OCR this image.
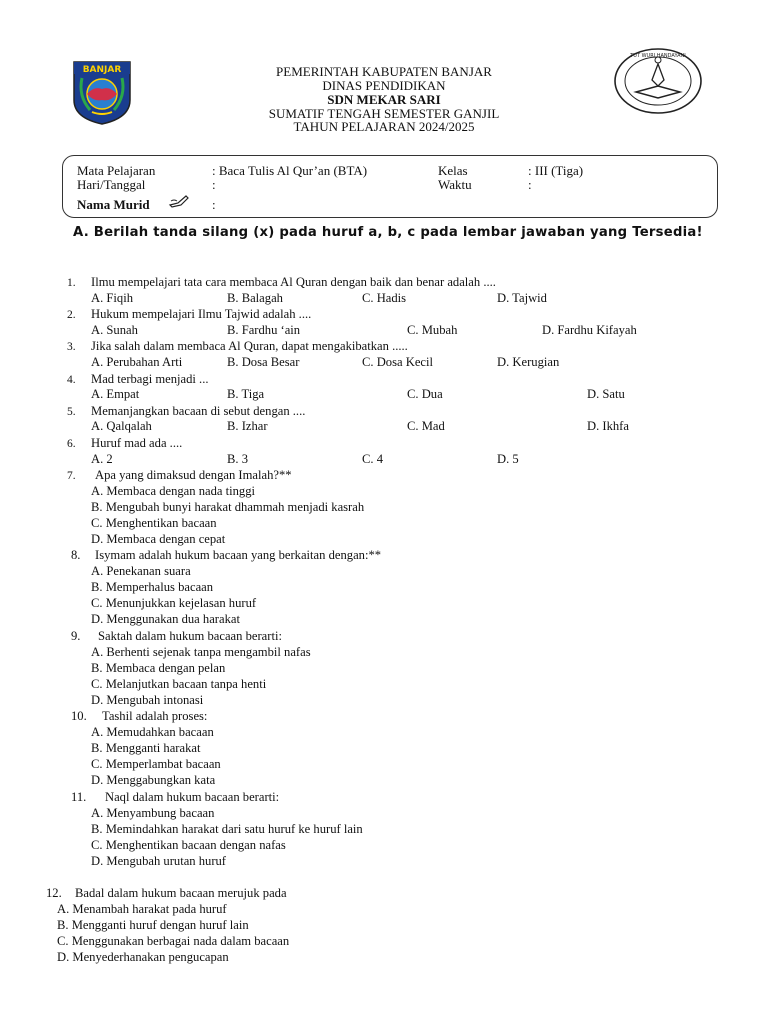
BANJAR
TUT WURI HANDAYANI
PEMERINTAH KABUPATEN BANJAR
DINAS PENDIDIKAN
SDN MEKAR SARI
SUMATIF TENGAH SEMESTER GANJIL
TAHUN PELAJARAN 2024/2025
Mata Pelajaran	: Baca Tulis Al Qur’an (BTA)	Kelas	: III (Tiga)
Hari/Tanggal	:	Waktu	:
Nama Murid	:
A. Berilah tanda silang (x) pada huruf a, b, c pada lembar jawaban yang Tersedia!
1. Ilmu mempelajari tata cara membaca Al Quran dengan baik dan benar adalah ....
A. Fiqih	B. Balagah	C. Hadis	D. Tajwid
2. Hukum mempelajari Ilmu Tajwid adalah ....
A. Sunah	B. Fardhu ‘ain	C. Mubah	D. Fardhu Kifayah
3. Jika salah dalam membaca Al Quran, dapat mengakibatkan .....
A. Perubahan Arti	B. Dosa Besar	C. Dosa Kecil	D. Kerugian
4. Mad terbagi menjadi ...
A. Empat	B. Tiga	C. Dua	D. Satu
5. Memanjangkan bacaan di sebut dengan ....
A. Qalqalah	B. Izhar	C. Mad	D. Ikhfa
6. Huruf mad ada ....
A. 2	B. 3	C. 4	D. 5
7. Apa yang dimaksud dengan Imalah?**
A. Membaca dengan nada tinggi
B. Mengubah bunyi harakat dhammah menjadi kasrah
C. Menghentikan bacaan
D. Membaca dengan cepat
8. Isymam adalah hukum bacaan yang berkaitan dengan:**
A. Penekanan suara
B. Memperhalus bacaan
C. Menunjukkan kejelasan huruf
D. Menggunakan dua harakat
9. Saktah dalam hukum bacaan berarti:
A. Berhenti sejenak tanpa mengambil nafas
B. Membaca dengan pelan
C. Melanjutkan bacaan tanpa henti
D. Mengubah intonasi
10. Tashil adalah proses:
A. Memudahkan bacaan
B. Mengganti harakat
C. Memperlambat bacaan
D. Menggabungkan kata
11. Naql dalam hukum bacaan berarti:
A. Menyambung bacaan
B. Memindahkan harakat dari satu huruf ke huruf lain
C. Menghentikan bacaan dengan nafas
D. Mengubah urutan huruf
12. Badal dalam hukum bacaan merujuk pada
A. Menambah harakat pada huruf
B. Mengganti huruf dengan huruf lain
C. Menggunakan berbagai nada dalam bacaan
D. Menyederhanakan pengucapan
